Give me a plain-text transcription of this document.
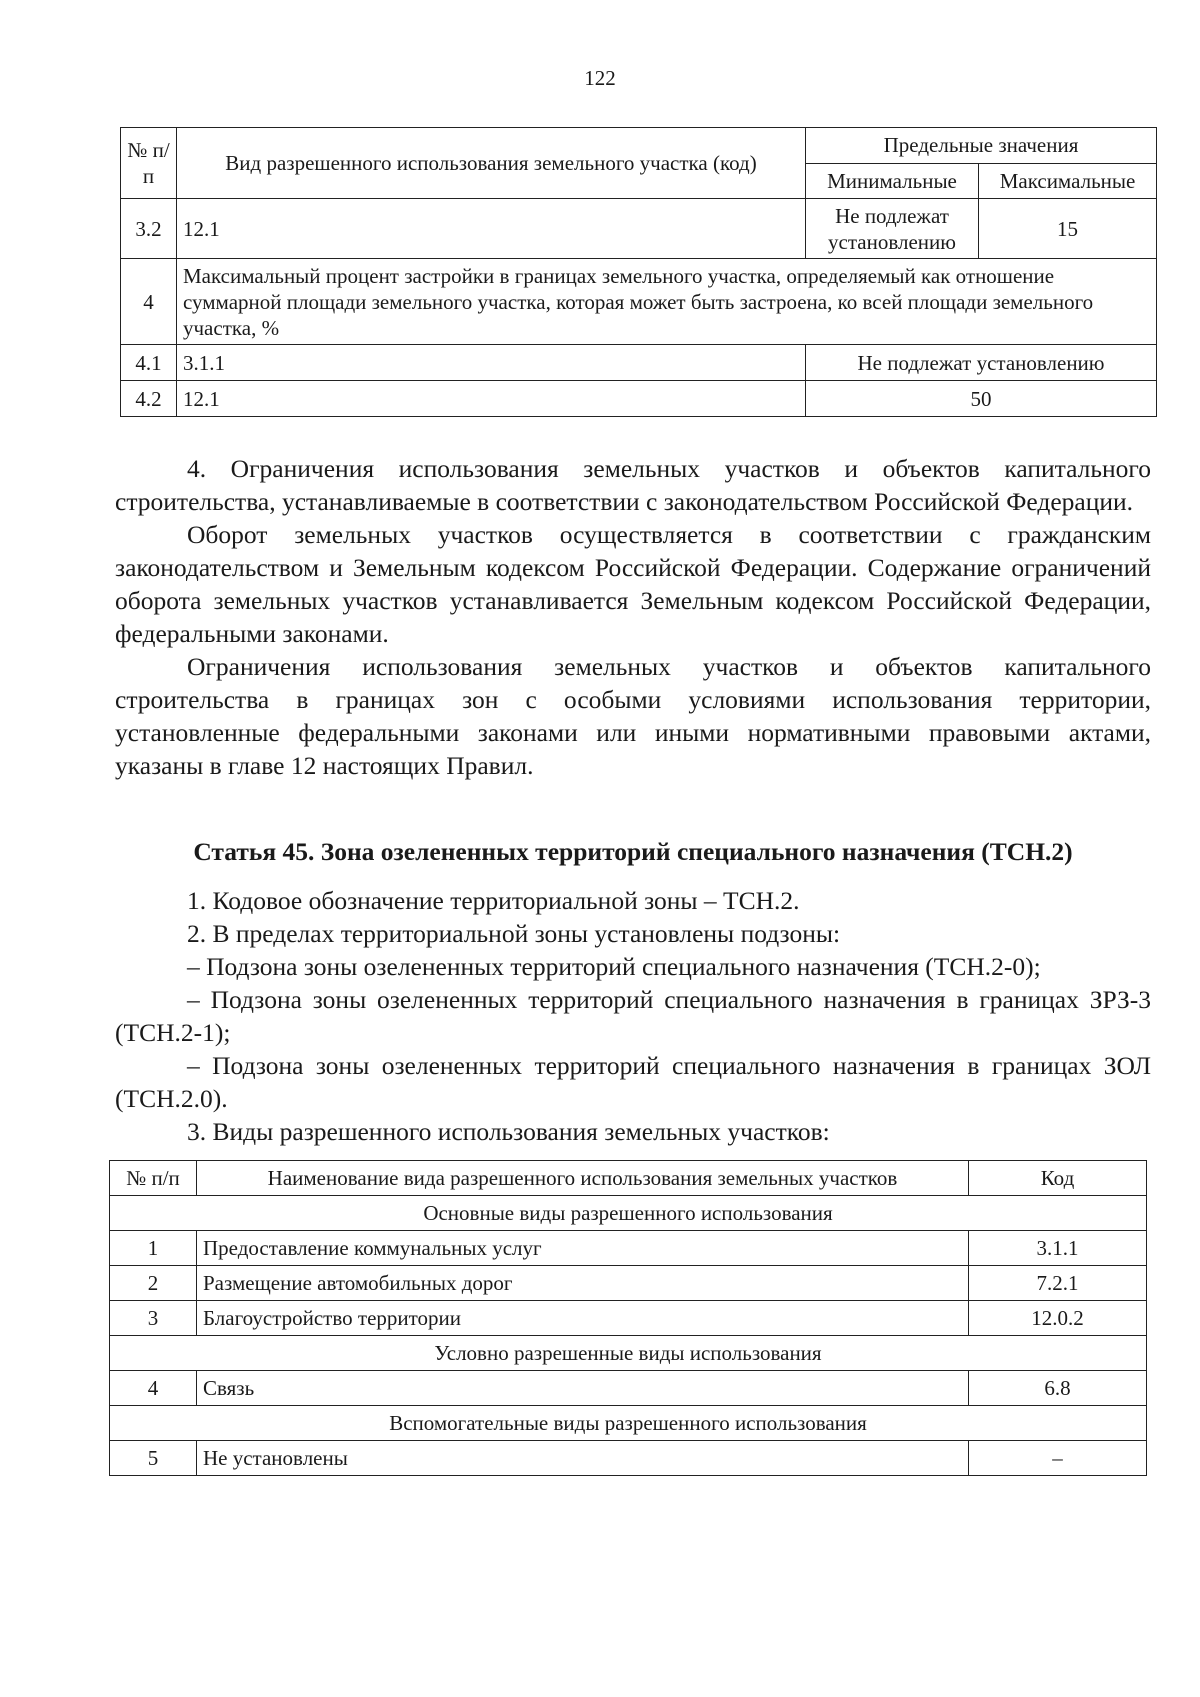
122
№ п/п	Вид разрешенного использования земельного участка (код)	Предельные значения	
		Минимальные	Максимальные
3.2	12.1	Не подлежат установлению	15
4	Максимальный процент застройки в границах земельного участка, определяемый как отношение суммарной площади земельного участка, которая может быть застроена, ко всей площади земельного участка, %		
4.1	3.1.1	Не подлежат установлению	
4.2	12.1	50	

4. Ограничения использования земельных участков и объектов капитального строительства, устанавливаемые в соответствии с законодательством Российской Федерации.

Оборот земельных участков осуществляется в соответствии с гражданским законодательством и Земельным кодексом Российской Федерации. Содержание ограничений оборота земельных участков устанавливается Земельным кодексом Российской Федерации, федеральными законами.

Ограничения использования земельных участков и объектов капитального строительства в границах зон с особыми условиями использования территории, установленные федеральными законами или иными нормативными правовыми актами, указаны в главе 12 настоящих Правил.

Статья 45. Зона озелененных территорий специального назначения (ТСН.2)

1. Кодовое обозначение территориальной зоны – ТСН.2.

2. В пределах территориальной зоны установлены подзоны:

– Подзона зоны озелененных территорий специального назначения (ТСН.2-0);

– Подзона зоны озелененных территорий специального назначения в границах ЗРЗ-3 (ТСН.2-1);

– Подзона зоны озелененных территорий специального назначения в границах ЗОЛ (ТСН.2.0).

3. Виды разрешенного использования земельных участков:

№ п/п	Наименование вида разрешенного использования земельных участков	Код
Основные виды разрешенного использования		
1	Предоставление коммунальных услуг	3.1.1
2	Размещение автомобильных дорог	7.2.1
3	Благоустройство территории	12.0.2
Условно разрешенные виды использования		
4	Связь	6.8
Вспомогательные виды разрешенного использования		
5	Не установлены	–
